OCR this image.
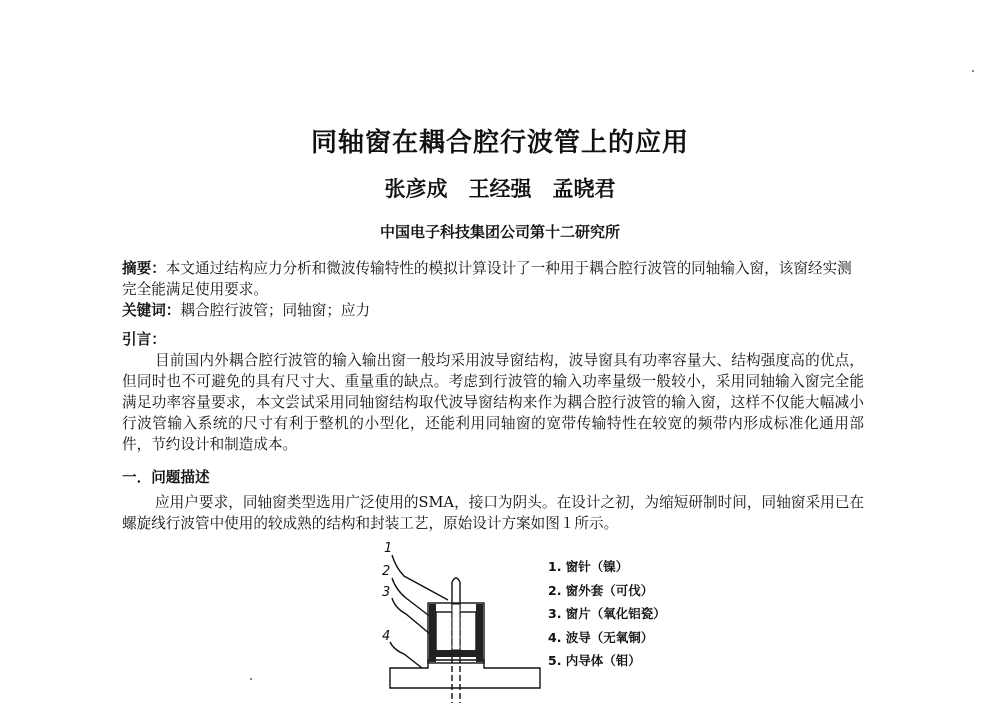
同轴窗在耦合腔行波管上的应用
张彦成　王经强　孟晓君
中国电子科技集团公司第十二研究所
摘要：本文通过结构应力分析和微波传输特性的模拟计算设计了一种用于耦合腔行波管的同轴输入窗，该窗经实测完全能满足使用要求。
关键词：耦合腔行波管；同轴窗；应力
引言：
目前国内外耦合腔行波管的输入输出窗一般均采用波导窗结构，波导窗具有功率容量大、结构强度高的优点，但同时也不可避免的具有尺寸大、重量重的缺点。考虑到行波管的输入功率量级一般较小，采用同轴输入窗完全能满足功率容量要求，本文尝试采用同轴窗结构取代波导窗结构来作为耦合腔行波管的输入窗，这样不仅能大幅减小行波管输入系统的尺寸有利于整机的小型化，还能利用同轴窗的宽带传输特性在较宽的频带内形成标准化通用部件，节约设计和制造成本。
一．问题描述
应用户要求，同轴窗类型选用广泛使用的SMA，接口为阴头。在设计之初，为缩短研制时间，同轴窗采用已在螺旋线行波管中使用的较成熟的结构和封装工艺，原始设计方案如图１所示。
1
2
3
4
1. 窗针（镍）
2. 窗外套（可伐）
3. 窗片（氧化铝瓷）
4. 波导（无氧铜）
5. 内导体（钼）
